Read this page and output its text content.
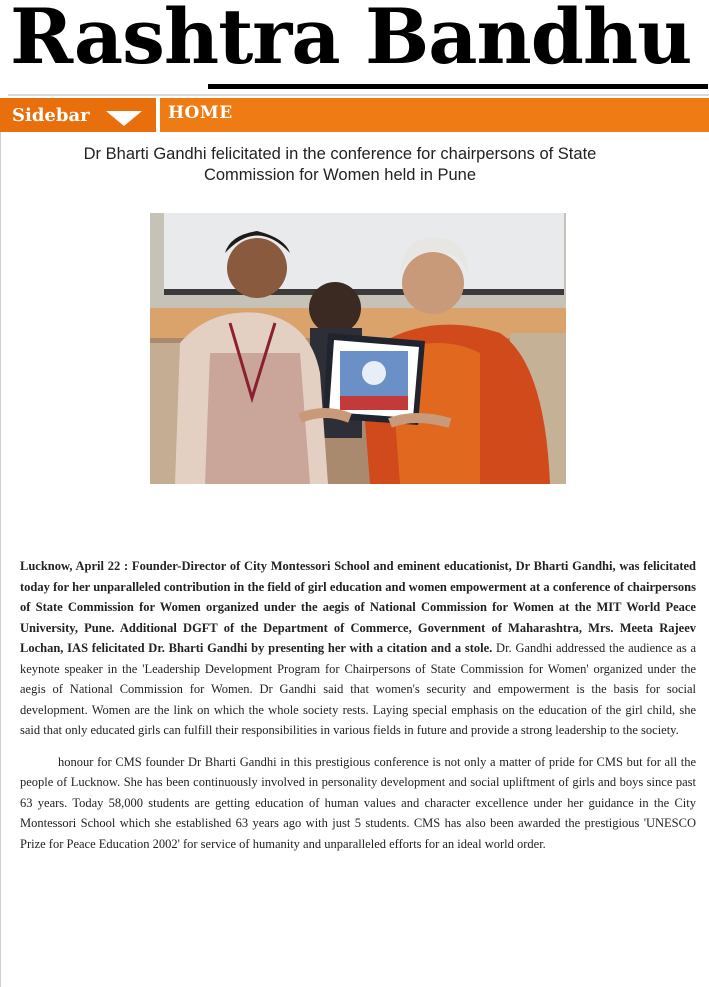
Rashtra Bandhu
Sidebar	HOME
Dr Bharti Gandhi felicitated in the conference for chairpersons of State Commission for Women held in Pune

Lucknow, April 22 : Founder-Director of City Montessori School and eminent educationist, Dr Bharti Gandhi, was felicitated today for her unparalleled contribution in the field of girl education and women empowerment at a conference of chairpersons of State Commission for Women organized under the aegis of National Commission for Women at the MIT World Peace University, Pune. Additional DGFT of the Department of Commerce, Government of Maharashtra, Mrs. Meeta Rajeev Lochan, IAS felicitated Dr. Bharti Gandhi by presenting her with a citation and a stole. Dr. Gandhi addressed the audience as a keynote speaker in the 'Leadership Development Program for Chairpersons of State Commission for Women' organized under the aegis of National Commission for Women. Dr Gandhi said that women's security and empowerment is the basis for social development. Women are the link on which the whole society rests. Laying special emphasis on the education of the girl child, she said that only educated girls can fulfill their responsibilities in various fields in future and provide a strong leadership to the society.

honour for CMS founder Dr Bharti Gandhi in this prestigious conference is not only a matter of pride for CMS but for all the people of Lucknow. She has been continuously involved in personality development and social upliftment of girls and boys since past 63 years. Today 58,000 students are getting education of human values and character excellence under her guidance in the City Montessori School which she established 63 years ago with just 5 students. CMS has also been awarded the prestigious 'UNESCO Prize for Peace Education 2002' for service of humanity and unparalleled efforts for an ideal world order.
